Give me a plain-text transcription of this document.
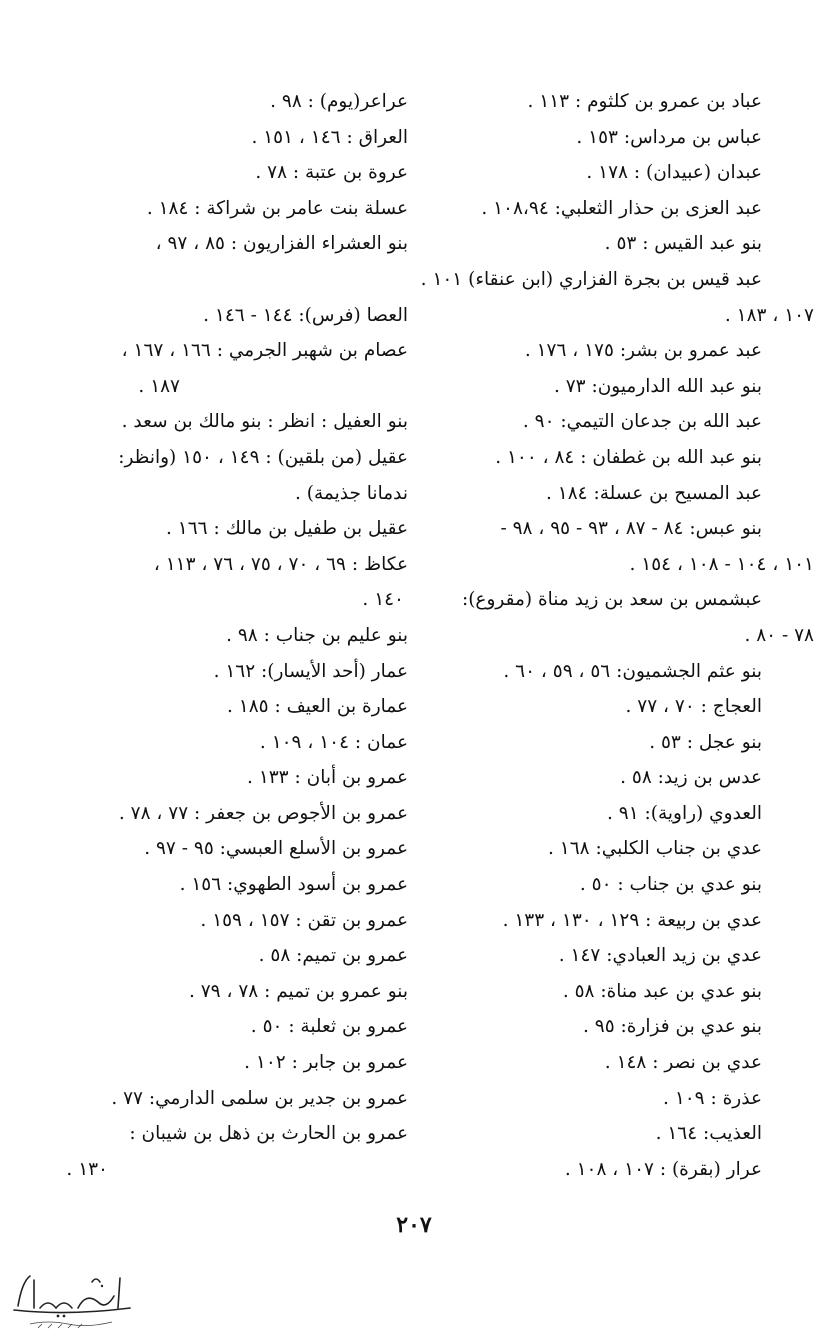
عباد بن عمرو بن كلثوم : ١١٣ .
عباس بن مرداس: ١٥٣ .
عبدان (عبيدان) : ١٧٨ .
عبد العزى بن حذار الثعلبي: ١٠٨،٩٤ .
بنو عبد القيس : ٥٣ .
عبد قيس بن بجرة الفزاري (ابن عنقاء) ١٠١ .
١٠٧ ، ١٨٣ .
عبد عمرو بن بشر: ١٧٥ ، ١٧٦ .
بنو عبد الله الدارميون: ٧٣ .
عبد الله بن جدعان التيمي: ٩٠ .
بنو عبد الله بن غطفان : ٨٤ ، ١٠٠ .
عبد المسيح بن عسلة: ١٨٤ .
بنو عبس: ٨٤ - ٨٧ ، ٩٣ - ٩٥ ، ٩٨ -
١٠١ ، ١٠٤ - ١٠٨ ، ١٥٤ .
عبشمس بن سعد بن زيد مناة (مقروع):
٧٨ - ٨٠ .
بنو عثم الجشميون: ٥٦ ، ٥٩ ، ٦٠ .
العجاج : ٧٠ ، ٧٧ .
بنو عجل : ٥٣ .
عدس بن زيد: ٥٨ .
العدوي (راوية): ٩١ .
عدي بن جناب الكلبي: ١٦٨ .
بنو عدي بن جناب : ٥٠ .
عدي بن ربيعة : ١٢٩ ، ١٣٠ ، ١٣٣ .
عدي بن زيد العبادي: ١٤٧ .
بنو عدي بن عبد مناة: ٥٨ .
بنو عدي بن فزارة: ٩٥ .
عدي بن نصر : ١٤٨ .
عذرة : ١٠٩ .
العذيب: ١٦٤ .
عرار (بقرة) : ١٠٧ ، ١٠٨ .
عراعر(يوم) : ٩٨ .
العراق : ١٤٦ ، ١٥١ .
عروة بن عتبة : ٧٨ .
عسلة بنت عامر بن شراكة : ١٨٤ .
بنو العشراء الفزاريون : ٨٥ ، ٩٧ ،
العصا (فرس): ١٤٤ - ١٤٦ .
عصام بن شهبر الجرمي : ١٦٦ ، ١٦٧ ،
١٨٧ .
بنو العفيل : انظر : بنو مالك بن سعد .
عقيل (من بلقين) : ١٤٩ ، ١٥٠ (وانظر:
ندمانا جذيمة) .
عقيل بن طفيل بن مالك : ١٦٦ .
عكاظ : ٦٩ ، ٧٠ ، ٧٥ ، ٧٦ ، ١١٣ ،
١٤٠ .
بنو عليم بن جناب : ٩٨ .
عمار (أحد الأيسار): ١٦٢ .
عمارة بن العيف : ١٨٥ .
عمان : ١٠٤ ، ١٠٩ .
عمرو بن أبان : ١٣٣ .
عمرو بن الأجوص بن جعفر : ٧٧ ، ٧٨ .
عمرو بن الأسلع العبسي: ٩٥ - ٩٧ .
عمرو بن أسود الطهوي: ١٥٦ .
عمرو بن تقن : ١٥٧ ، ١٥٩ .
عمرو بن تميم: ٥٨ .
بنو عمرو بن تميم : ٧٨ ، ٧٩ .
عمرو بن ثعلبة : ٥٠ .
عمرو بن جابر : ١٠٢ .
عمرو بن جدير بن سلمى الدارمي: ٧٧ .
عمرو بن الحارث بن ذهل بن شيبان :
١٣٠ .
٢٠٧
